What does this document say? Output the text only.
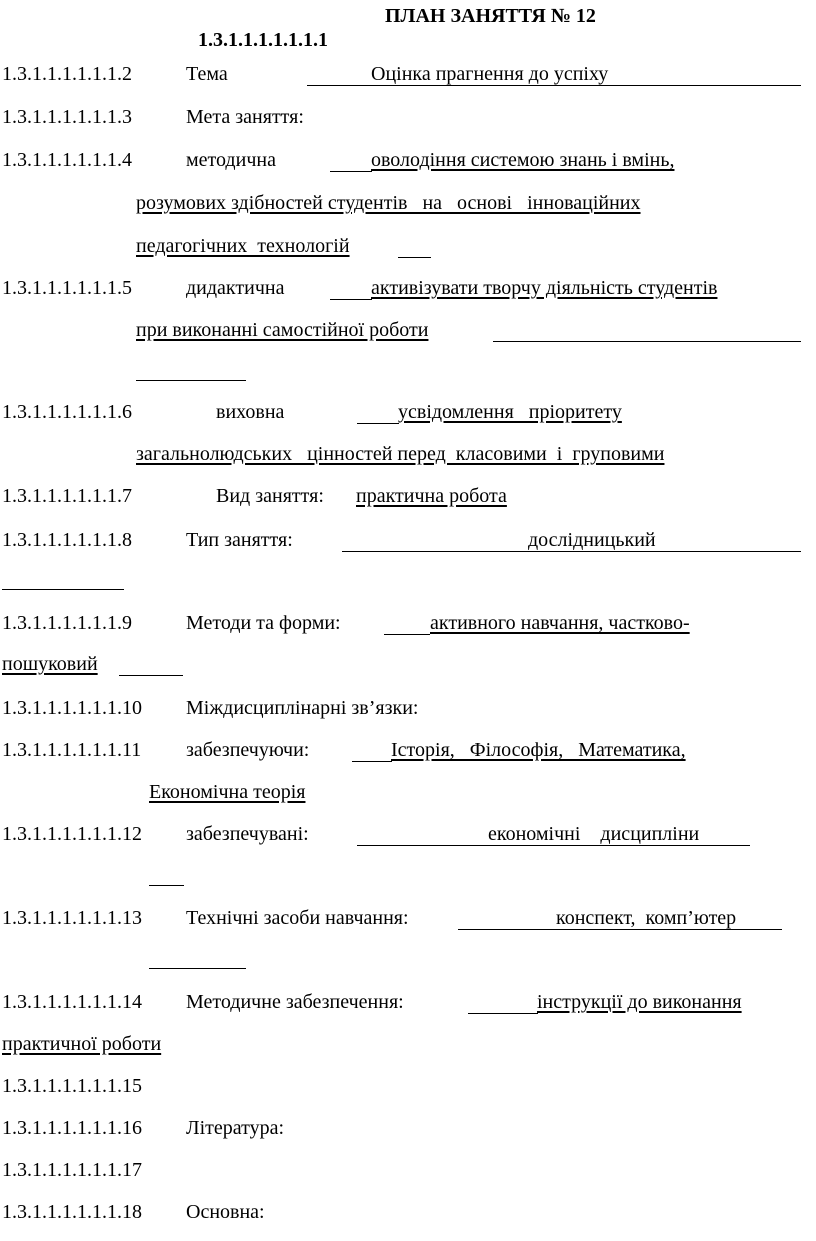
1.3.1.1.1.1.1.1.1

ПЛАН ЗАНЯТТЯ № 12
1.3.1.1.1.1.1.1.2	Тема	Оцінка прагнення до успіху
1.3.1.1.1.1.1.1.3	Мета заняття:
1.3.1.1.1.1.1.1.4	методична	оволодіння системою знань і вмінь,
розумових здібностей студентів   на   основі   інноваційних
педагогічних  технологій
1.3.1.1.1.1.1.1.5	дидактична	активізувати творчу діяльність студентів
при виконанні самостійної роботи
1.3.1.1.1.1.1.1.6	виховна	усвідомлення   пріоритету
загальнолюдських   цінностей перед  класовими  і  груповими
1.3.1.1.1.1.1.1.7	Вид заняття: практична робота
1.3.1.1.1.1.1.1.8	Тип заняття:	дослідницький
1.3.1.1.1.1.1.1.9	Методи та форми:	активного навчання, частково-
пошуковий
1.3.1.1.1.1.1.1.10 Міждисциплінарні зв’язки:
1.3.1.1.1.1.1.1.11 забезпечуючи:	Історія,   Філософія,   Математика,
Економічна теорія
1.3.1.1.1.1.1.1.12 забезпечувані:	економічні    дисципліни
1.3.1.1.1.1.1.1.13 Технічні засоби навчання:	конспект,  комп’ютер
1.3.1.1.1.1.1.1.14 Методичне забезпечення:	інструкції до виконання
практичної роботи
1.3.1.1.1.1.1.1.15
1.3.1.1.1.1.1.1.16 Література:
1.3.1.1.1.1.1.1.17
1.3.1.1.1.1.1.1.18 Основна:
